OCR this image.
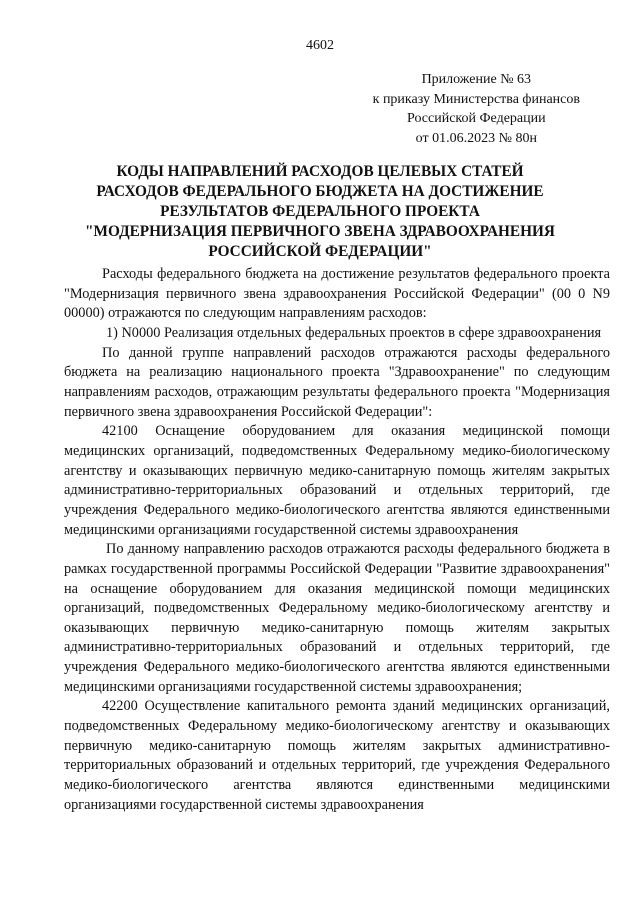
4602
Приложение № 63
к приказу Министерства финансов
Российской Федерации
от 01.06.2023 № 80н
КОДЫ НАПРАВЛЕНИЙ РАСХОДОВ ЦЕЛЕВЫХ СТАТЕЙ
РАСХОДОВ ФЕДЕРАЛЬНОГО БЮДЖЕТА НА ДОСТИЖЕНИЕ
РЕЗУЛЬТАТОВ ФЕДЕРАЛЬНОГО ПРОЕКТА
"МОДЕРНИЗАЦИЯ ПЕРВИЧНОГО ЗВЕНА ЗДРАВООХРАНЕНИЯ
РОССИЙСКОЙ ФЕДЕРАЦИИ"

Расходы федерального бюджета на достижение результатов федерального проекта "Модернизация первичного звена здравоохранения Российской Федерации" (00 0 N9 00000) отражаются по следующим направлениям расходов:

1) N0000 Реализация отдельных федеральных проектов в сфере здравоохранения

По данной группе направлений расходов отражаются расходы федерального бюджета на реализацию национального проекта "Здравоохранение" по следующим направлениям расходов, отражающим результаты федерального проекта "Модернизация первичного звена здравоохранения Российской Федерации":

42100 Оснащение оборудованием для оказания медицинской помощи медицинских организаций, подведомственных Федеральному медико-биологическому агентству и оказывающих первичную медико-санитарную помощь жителям закрытых административно-территориальных образований и отдельных территорий, где учреждения Федерального медико-биологического агентства являются единственными медицинскими организациями государственной системы здравоохранения

По данному направлению расходов отражаются расходы федерального бюджета в рамках государственной программы Российской Федерации "Развитие здравоохранения" на оснащение оборудованием для оказания медицинской помощи медицинских организаций, подведомственных Федеральному медико-биологическому агентству и оказывающих первичную медико-санитарную помощь жителям закрытых административно-территориальных образований и отдельных территорий, где учреждения Федерального медико-биологического агентства являются единственными медицинскими организациями государственной системы здравоохранения;

42200 Осуществление капитального ремонта зданий медицинских организаций, подведомственных Федеральному медико-биологическому агентству и оказывающих первичную медико-санитарную помощь жителям закрытых административно-территориальных образований и отдельных территорий, где учреждения Федерального медико-биологического агентства являются единственными медицинскими организациями государственной системы здравоохранения
